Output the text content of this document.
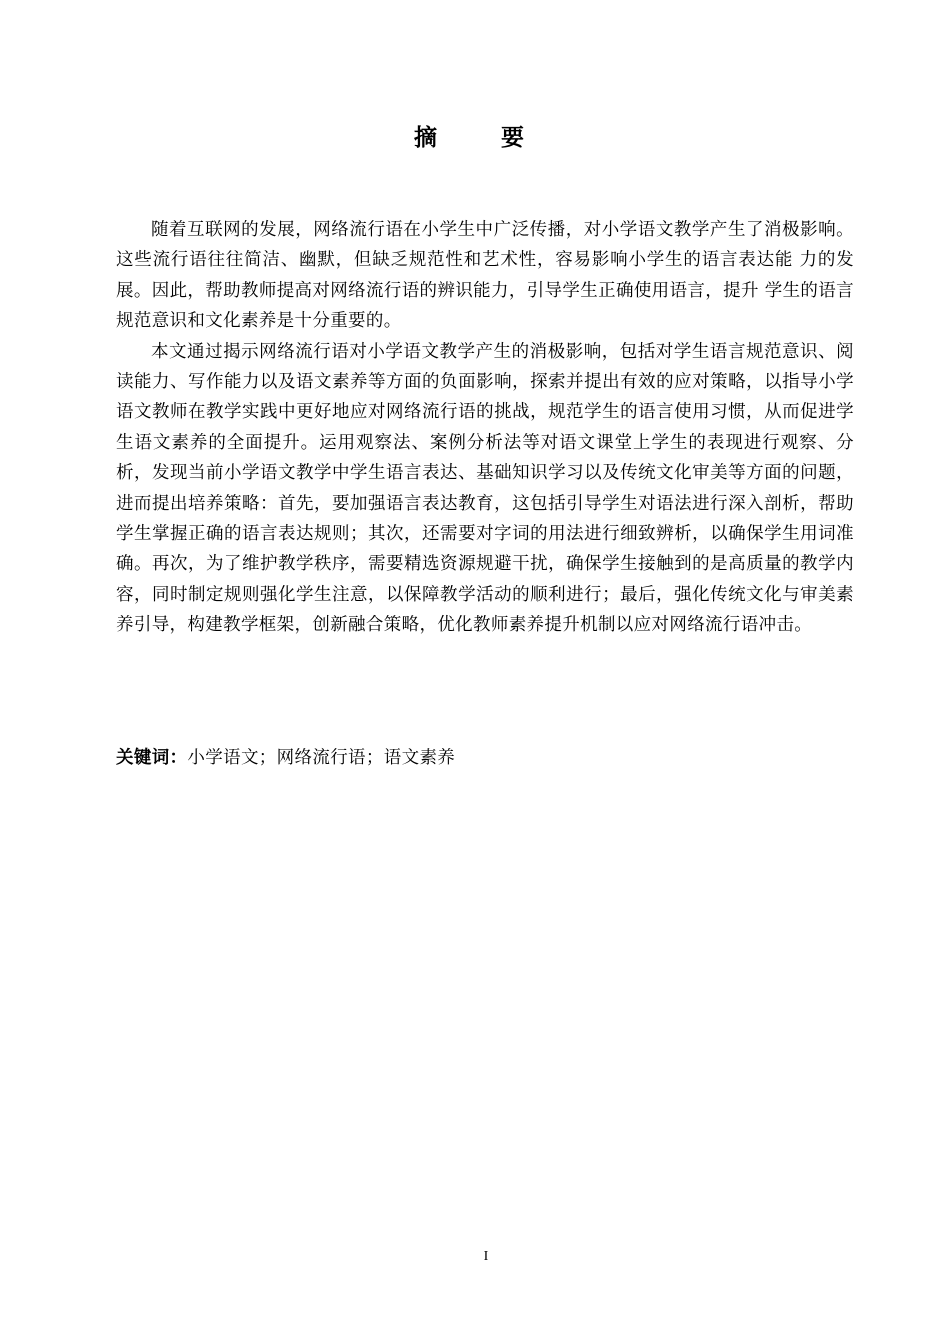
摘 要

随着互联网的发展，网络流行语在小学生中广泛传播，对小学语文教学产生了消极影响。这些流行语往往简洁、幽默，但缺乏规范性和艺术性，容易影响小学生的语言表达能 力的发展。因此，帮助教师提高对网络流行语的辨识能力，引导学生正确使用语言，提升 学生的语言规范意识和文化素养是十分重要的。

本文通过揭示网络流行语对小学语文教学产生的消极影响，包括对学生语言规范意识、阅读能力、写作能力以及语文素养等方面的负面影响，探索并提出有效的应对策略，以指导小学语文教师在教学实践中更好地应对网络流行语的挑战，规范学生的语言使用习惯，从而促进学生语文素养的全面提升。运用观察法、案例分析法等对语文课堂上学生的表现进行观察、分析，发现当前小学语文教学中学生语言表达、基础知识学习以及传统文化审美等方面的问题，进而提出培养策略：首先，要加强语言表达教育，这包括引导学生对语法进行深入剖析，帮助学生掌握正确的语言表达规则；其次，还需要对字词的用法进行细致辨析，以确保学生用词准确。再次，为了维护教学秩序，需要精选资源规避干扰，确保学生接触到的是高质量的教学内容，同时制定规则强化学生注意，以保障教学活动的顺利进行；最后，强化传统文化与审美素养引导，构建教学框架，创新融合策略，优化教师素养提升机制以应对网络流行语冲击。

关键词：小学语文；网络流行语；语文素养
I
